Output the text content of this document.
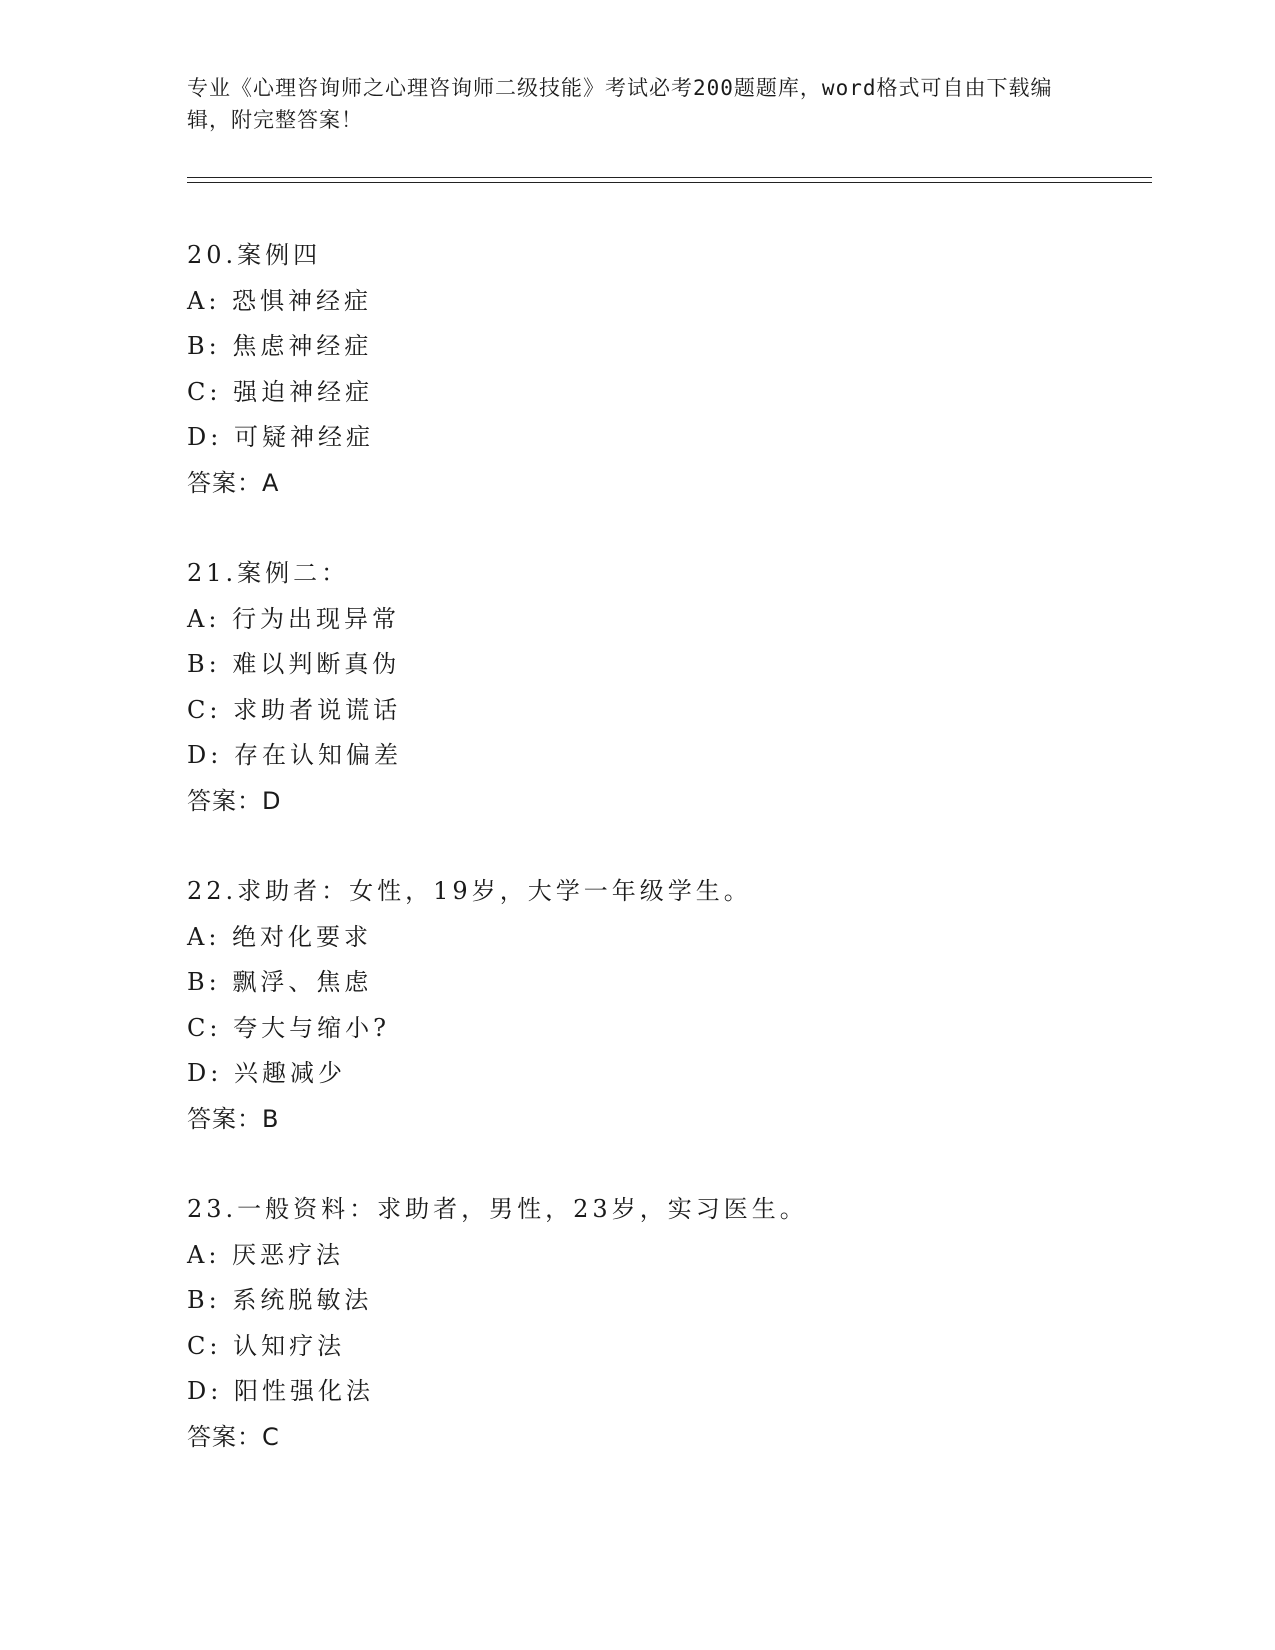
专业《心理咨询师之心理咨询师二级技能》考试必考200题题库，word格式可自由下载编辑，附完整答案！
20.案例四
A: 恐惧神经症
B: 焦虑神经症
C: 强迫神经症
D: 可疑神经症
答案：A
21.案例二：
A: 行为出现异常
B: 难以判断真伪
C: 求助者说谎话
D: 存在认知偏差
答案：D
22.求助者：女性，19岁，大学一年级学生。
A: 绝对化要求
B: 飘浮、焦虑
C: 夸大与缩小?
D: 兴趣减少
答案：B
23.一般资料：求助者，男性，23岁，实习医生。
A: 厌恶疗法
B: 系统脱敏法
C: 认知疗法
D: 阳性强化法
答案：C
